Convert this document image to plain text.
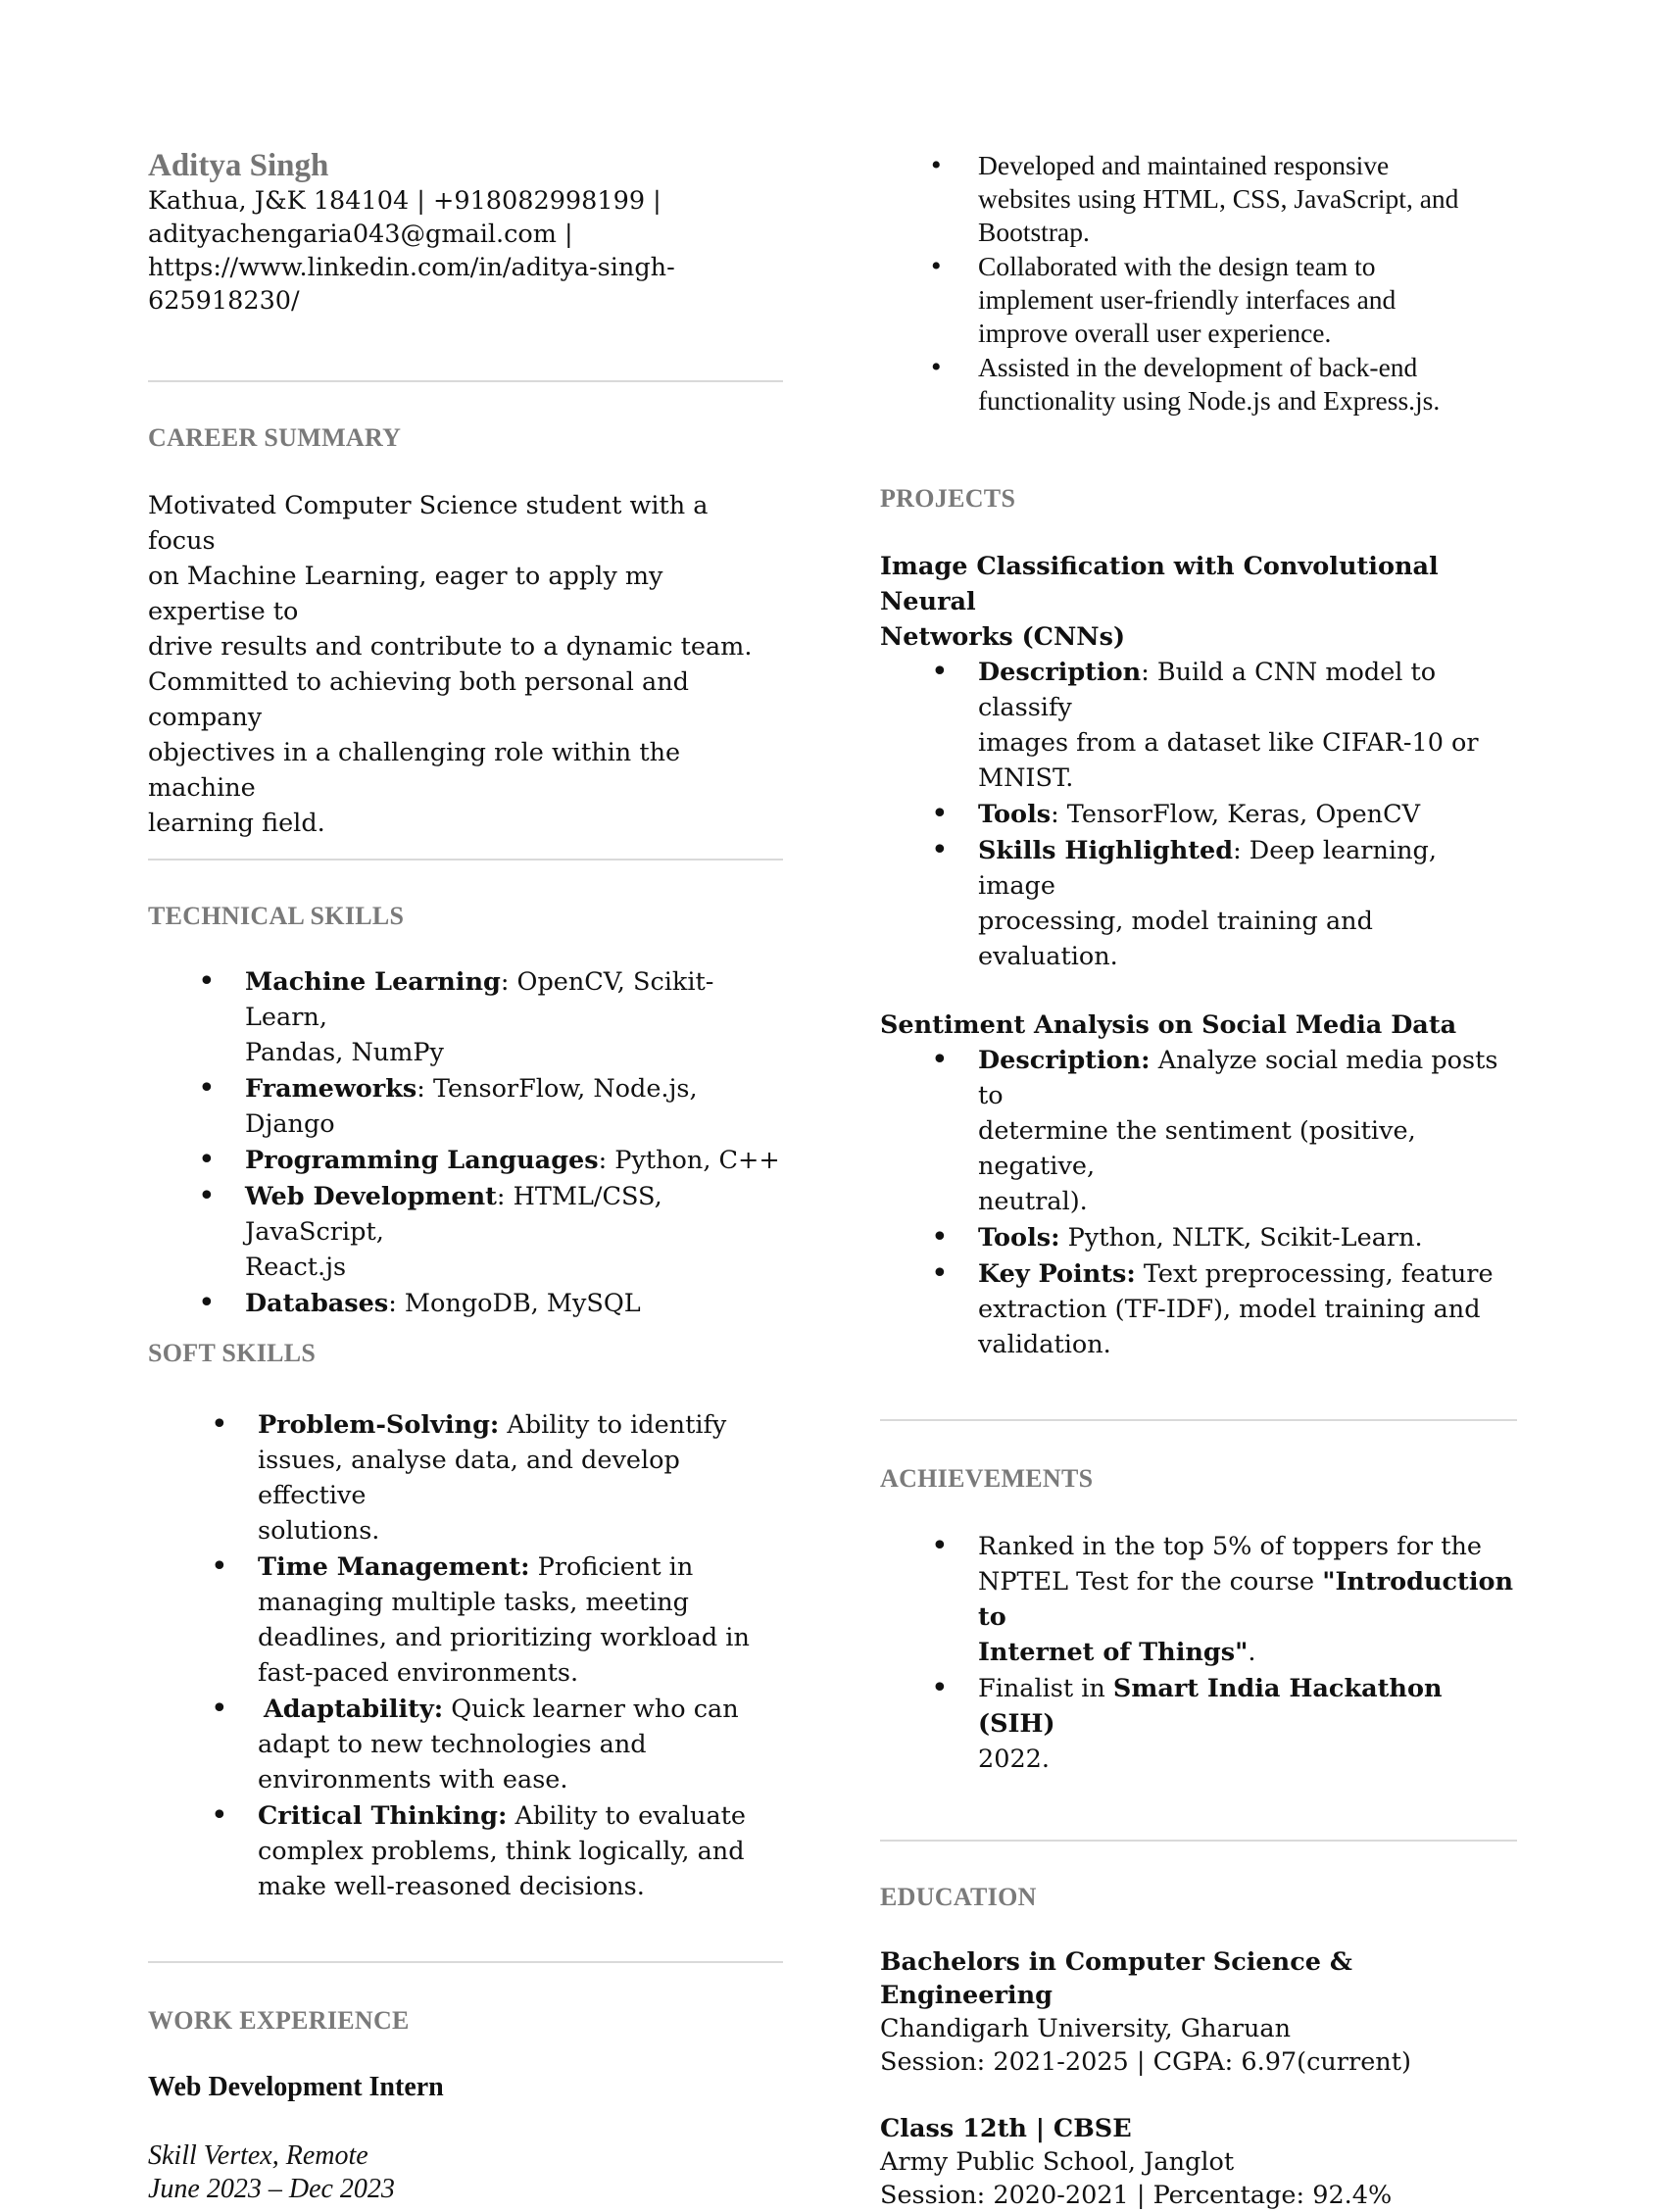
Aditya Singh

Kathua, J&K 184104 | +918082998199 |

adityachengaria043@gmail.com |

https://www.linkedin.com/in/aditya-singh-

625918230/

CAREER SUMMARY

Motivated Computer Science student with a focus

on Machine Learning, eager to apply my expertise to

drive results and contribute to a dynamic team.

Committed to achieving both personal and company

objectives in a challenging role within the machine

learning field.

TECHNICAL SKILLS

• Machine Learning: OpenCV, Scikit-Learn,
Pandas, NumPy
• Frameworks: TensorFlow, Node.js, Django
• Programming Languages: Python, C++
• Web Development: HTML/CSS, JavaScript,
React.js
• Databases: MongoDB, MySQL

SOFT SKILLS

• Problem-Solving: Ability to identify
issues, analyse data, and develop effective
solutions.
• Time Management: Proficient in
managing multiple tasks, meeting
deadlines, and prioritizing workload in
fast-paced environments.
• Adaptability: Quick learner who can
adapt to new technologies and
environments with ease.
• Critical Thinking: Ability to evaluate
complex problems, think logically, and
make well-reasoned decisions.

WORK EXPERIENCE

Web Development Intern

Skill Vertex, Remote

June 2023 – Dec 2023

• Developed and maintained responsive
websites using HTML, CSS, JavaScript, and
Bootstrap.
• Collaborated with the design team to
implement user-friendly interfaces and
improve overall user experience.
• Assisted in the development of back-end
functionality using Node.js and Express.js.

PROJECTS

Image Classification with Convolutional Neural

Networks (CNNs)

• Description: Build a CNN model to classify
images from a dataset like CIFAR-10 or
MNIST.
• Tools: TensorFlow, Keras, OpenCV
• Skills Highlighted: Deep learning, image
processing, model training and evaluation.

Sentiment Analysis on Social Media Data

• Description: Analyze social media posts to
determine the sentiment (positive, negative,
neutral).
• Tools: Python, NLTK, Scikit-Learn.
• Key Points: Text preprocessing, feature
extraction (TF-IDF), model training and
validation.

ACHIEVEMENTS

• Ranked in the top 5% of toppers for the
NPTEL Test for the course "Introduction to
Internet of Things".
• Finalist in Smart India Hackathon (SIH)
2022.

EDUCATION

Bachelors in Computer Science & Engineering

Chandigarh University, Gharuan

Session: 2021-2025 | CGPA: 6.97(current)

Class 12th | CBSE

Army Public School, Janglot

Session: 2020-2021 | Percentage: 92.4%
